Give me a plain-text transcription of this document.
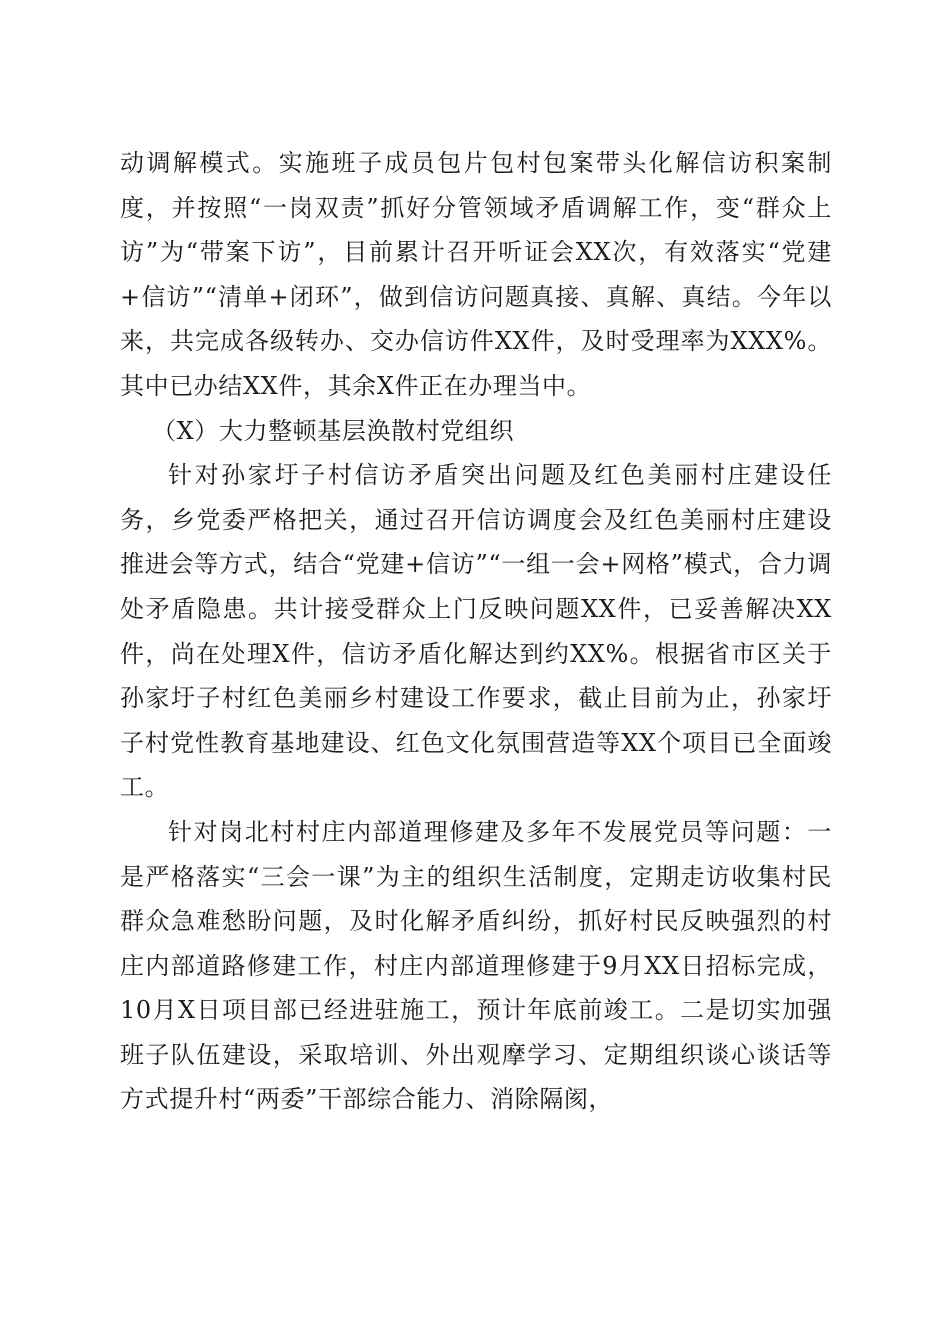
动调解模式。实施班子成员包片包村包案带头化解信访积案制度，并按照“一岗双责”抓好分管领域矛盾调解工作，变“群众上访”为“带案下访”，目前累计召开听证会XX次，有效落实“党建+信访”“清单+闭环”，做到信访问题真接、真解、真结。今年以来，共完成各级转办、交办信访件XX件，及时受理率为XXX%。其中已办结XX件，其余X件正在办理当中。

（X）大力整顿基层涣散村党组织

针对孙家圩子村信访矛盾突出问题及红色美丽村庄建设任务，乡党委严格把关，通过召开信访调度会及红色美丽村庄建设推进会等方式，结合“党建+信访”“一组一会+网格”模式，合力调处矛盾隐患。共计接受群众上门反映问题XX件，已妥善解决XX件，尚在处理X件，信访矛盾化解达到约XX%。根据省市区关于孙家圩子村红色美丽乡村建设工作要求，截止目前为止，孙家圩子村党性教育基地建设、红色文化氛围营造等XX个项目已全面竣工。

针对岗北村村庄内部道理修建及多年不发展党员等问题：一是严格落实“三会一课”为主的组织生活制度，定期走访收集村民群众急难愁盼问题，及时化解矛盾纠纷，抓好村民反映强烈的村庄内部道路修建工作，村庄内部道理修建于9月XX日招标完成，10月X日项目部已经进驻施工，预计年底前竣工。二是切实加强班子队伍建设，采取培训、外出观摩学习、定期组织谈心谈话等方式提升村“两委”干部综合能力、消除隔阂，
